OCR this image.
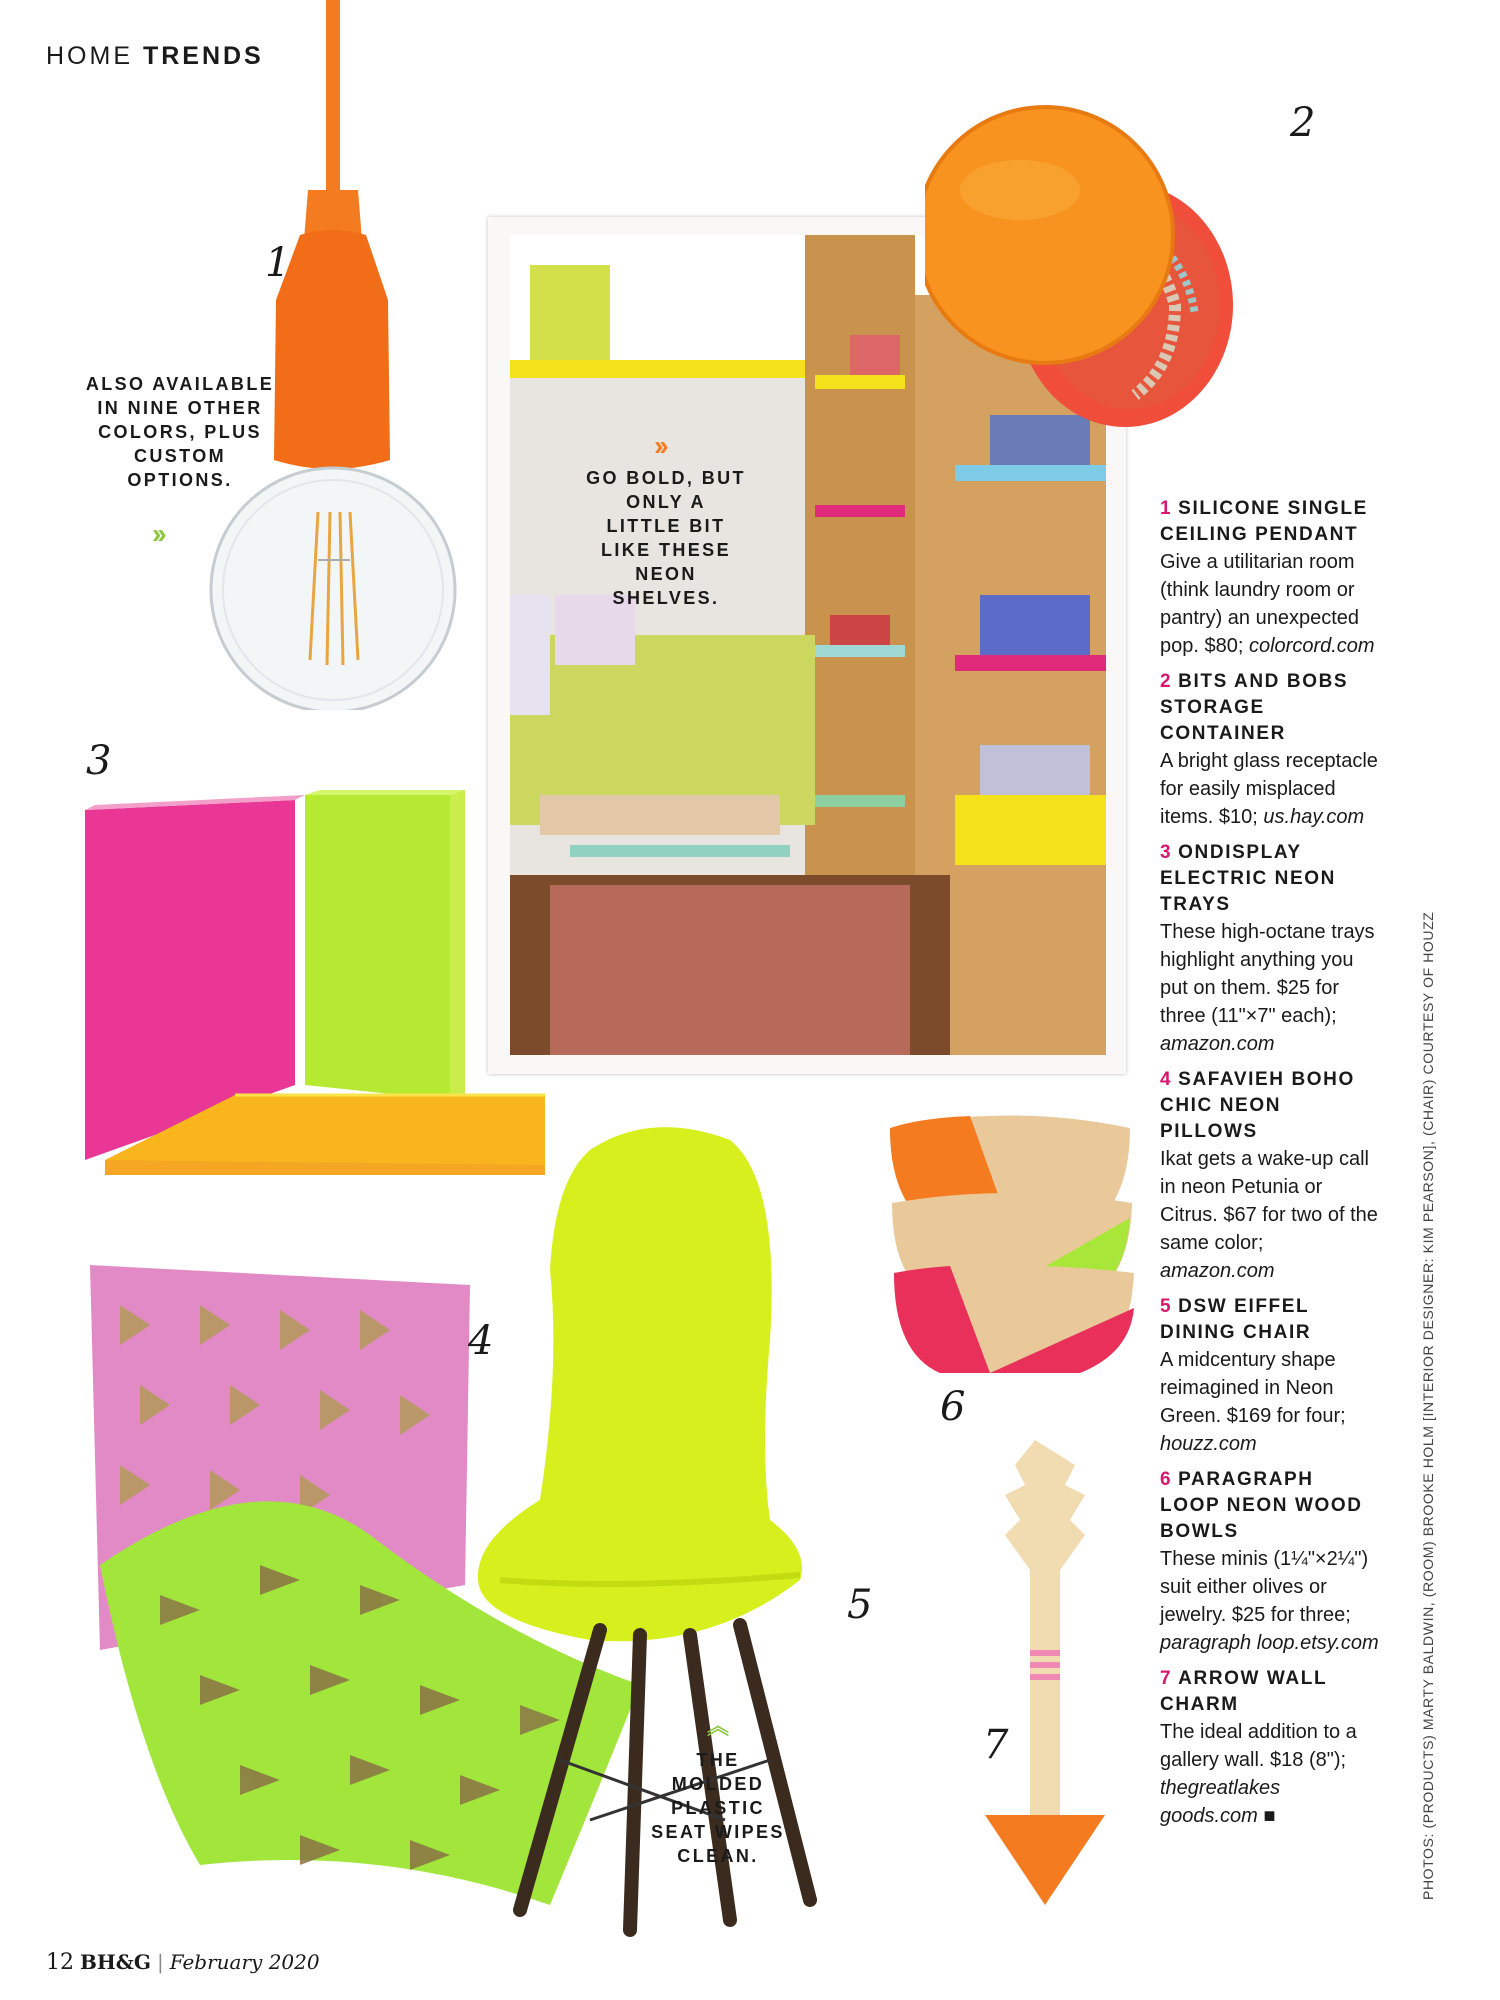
HOME TRENDS
1
ALSO AVAILABLE IN NINE OTHER COLORS, PLUS CUSTOM OPTIONS.
››
GO BOLD, BUT ONLY A LITTLE BIT LIKE THESE NEON SHELVES.
››
2
3
4
5
︽
THE MOLDED PLASTIC SEAT WIPES CLEAN.
6
7
1 SILICONE SINGLE CEILING PENDANT
Give a utilitarian room (think laundry room or pantry) an unexpected pop. $80; colorcord.com
2 BITS AND BOBS STORAGE CONTAINER
A bright glass receptacle for easily misplaced items. $10; us.hay.com
3 ONDISPLAY ELECTRIC NEON TRAYS
These high-octane trays highlight anything you put on them. $25 for three (11"×7" each); amazon.com
4 SAFAVIEH BOHO CHIC NEON PILLOWS
Ikat gets a wake-up call in neon Petunia or Citrus. $67 for two of the same color; amazon.com
5 DSW EIFFEL DINING CHAIR
A midcentury shape reimagined in Neon Green. $169 for four; houzz.com
6 PARAGRAPH LOOP NEON WOOD BOWLS
These minis (1¼"×2¼") suit either olives or jewelry. $25 for three; paragraph loop.etsy.com
7 ARROW WALL CHARM
The ideal addition to a gallery wall. $18 (8"); thegreatlakes goods.com ■	PHOTOS: (PRODUCTS) MARTY BALDWIN, (ROOM) BROOKE HOLM [INTERIOR DESIGNER: KIM PEARSON], (CHAIR) COURTESY OF HOUZZ
12 BH&G | February 2020
